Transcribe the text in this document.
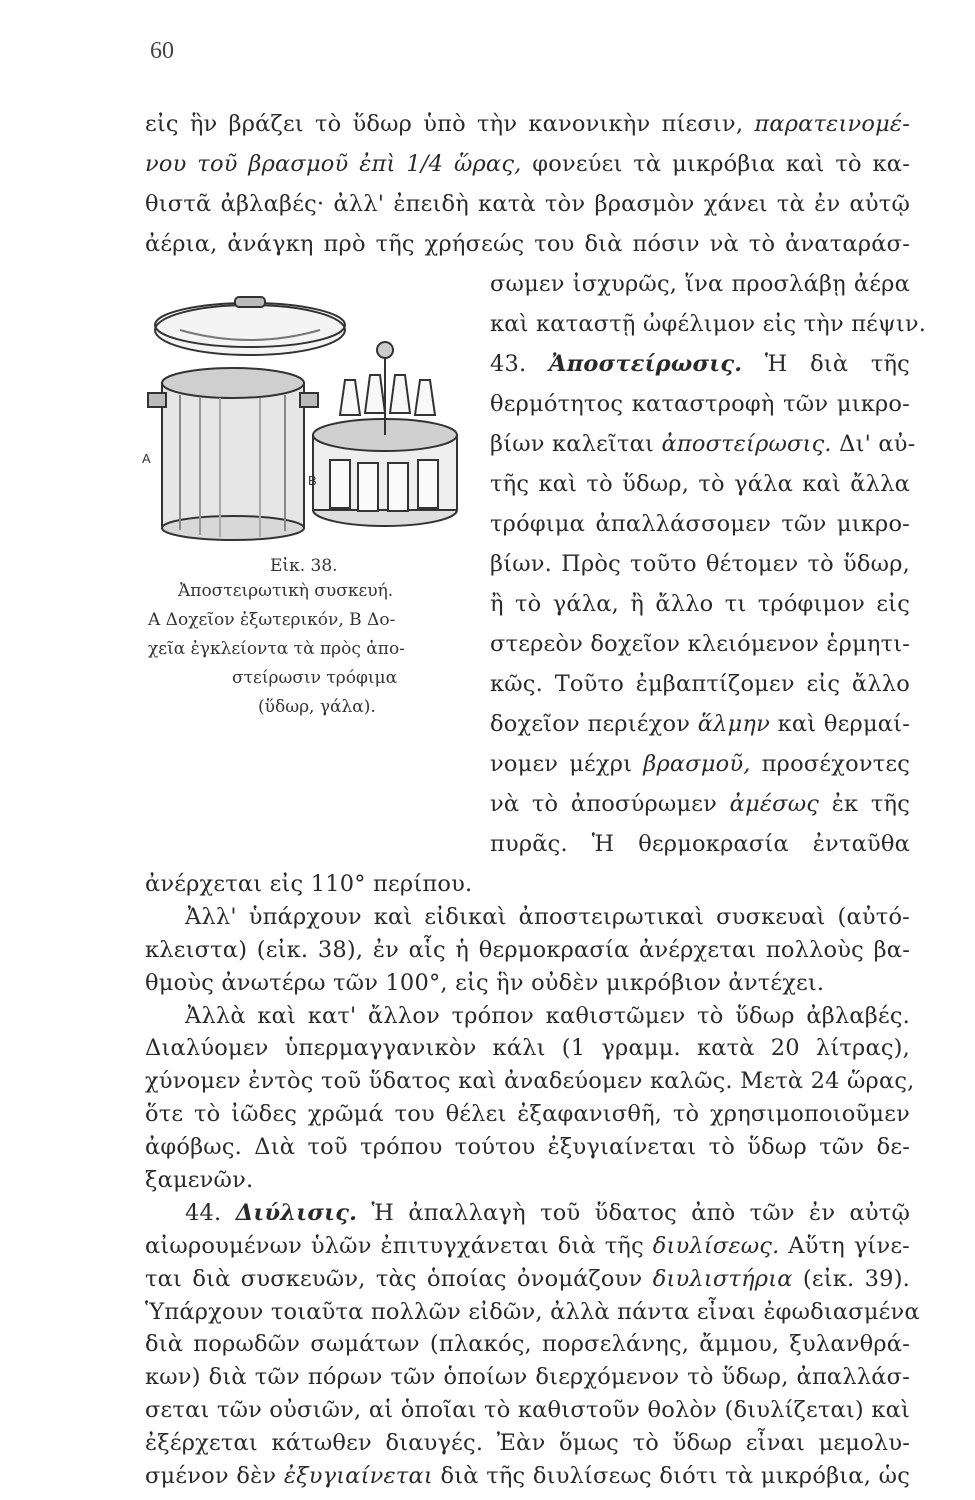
60
εἰς ἣν βράζει τὸ ὕδωρ ὑπὸ τὴν κανονικὴν πίεσιν, παρατεινομέ-
νου τοῦ βρασμοῦ ἐπὶ 1/4 ὥρας, φονεύει τὰ μικρόβια καὶ τὸ κα-
θιστᾶ ἀβλαβές· ἀλλ' ἐπειδὴ κατὰ τὸν βρασμὸν χάνει τὰ ἐν αὐτῷ
ἀέρια, ἀνάγκη πρὸ τῆς χρήσεώς του διὰ πόσιν νὰ τὸ ἀναταράσ-
σωμεν ἰσχυρῶς, ἵνα προσλάβῃ ἀέρα
καὶ καταστῇ ὠφέλιμον εἰς τὴν πέψιν.
43. Ἀποστείρωσις. Ἡ διὰ τῆς
θερμότητος καταστροφὴ τῶν μικρο-
βίων καλεῖται ἀποστείρωσις. Δι' αὐ-
τῆς καὶ τὸ ὕδωρ, τὸ γάλα καὶ ἄλλα
τρόφιμα ἀπαλλάσσομεν τῶν μικρο-
βίων. Πρὸς τοῦτο θέτομεν τὸ ὕδωρ,
ἢ τὸ γάλα, ἢ ἄλλο τι τρόφιμον εἰς
στερεὸν δοχεῖον κλειόμενον ἑρμητι-
κῶς. Τοῦτο ἐμβαπτίζομεν εἰς ἄλλο
δοχεῖον περιέχον ἅλμην καὶ θερμαί-
νομεν μέχρι βρασμοῦ, προσέχοντες
νὰ τὸ ἀποσύρωμεν ἀμέσως ἐκ τῆς
πυρᾶς. Ἡ θερμοκρασία ἐνταῦθα
ἀνέρχεται εἰς 110° περίπου.
Ἀλλ' ὑπάρχουν καὶ εἰδικαὶ ἀποστειρωτικαὶ συσκευαὶ (αὐτό-
κλειστα) (εἰκ. 38), ἐν αἷς ἡ θερμοκρασία ἀνέρχεται πολλοὺς βα-
θμοὺς ἀνωτέρω τῶν 100°, εἰς ἣν οὐδὲν μικρόβιον ἀντέχει.
Ἀλλὰ καὶ κατ' ἄλλον τρόπον καθιστῶμεν τὸ ὕδωρ ἀβλαβές.
Διαλύομεν ὑπερμαγγανικὸν κάλι (1 γραμμ. κατὰ 20 λίτρας),
χύνομεν ἐντὸς τοῦ ὕδατος καὶ ἀναδεύομεν καλῶς. Μετὰ 24 ὥρας,
ὅτε τὸ ἰῶδες χρῶμά του θέλει ἐξαφανισθῆ, τὸ χρησιμοποιοῦμεν
ἀφόβως. Διὰ τοῦ τρόπου τούτου ἐξυγιαίνεται τὸ ὕδωρ τῶν δε-
ξαμενῶν.
44. Διύλισις. Ἡ ἀπαλλαγὴ τοῦ ὕδατος ἀπὸ τῶν ἐν αὐτῷ
αἰωρουμένων ὑλῶν ἐπιτυγχάνεται διὰ τῆς διυλίσεως. Αὕτη γίνε-
ται διὰ συσκευῶν, τὰς ὁποίας ὀνομάζουν διυλιστήρια (εἰκ. 39).
Ὑπάρχουν τοιαῦτα πολλῶν εἰδῶν, ἀλλὰ πάντα εἶναι ἐφωδιασμένα
διὰ πορωδῶν σωμάτων (πλακός, πορσελάνης, ἄμμου, ξυλανθρά-
κων) διὰ τῶν πόρων τῶν ὁποίων διερχόμενον τὸ ὕδωρ, ἀπαλλάσ-
A
B
Εἰκ. 38.
Ἀποστειρωτικὴ συσκευή.
Α Δοχεῖον ἐξωτερικόν, Β Δο-
χεῖα ἐγκλείοντα τὰ πρὸς ἀπο-
στείρωσιν τρόφιμα
(ὕδωρ, γάλα).
σεται τῶν οὐσιῶν, αἱ ὁποῖαι τὸ καθιστοῦν θολὸν (διυλίζεται) καὶ
ἐξέρχεται κάτωθεν διαυγές. Ἐὰν ὅμως τὸ ὕδωρ εἶναι μεμολυ-
σμένον δὲν ἐξυγιαίνεται διὰ τῆς διυλίσεως διότι τὰ μικρόβια, ὡς
